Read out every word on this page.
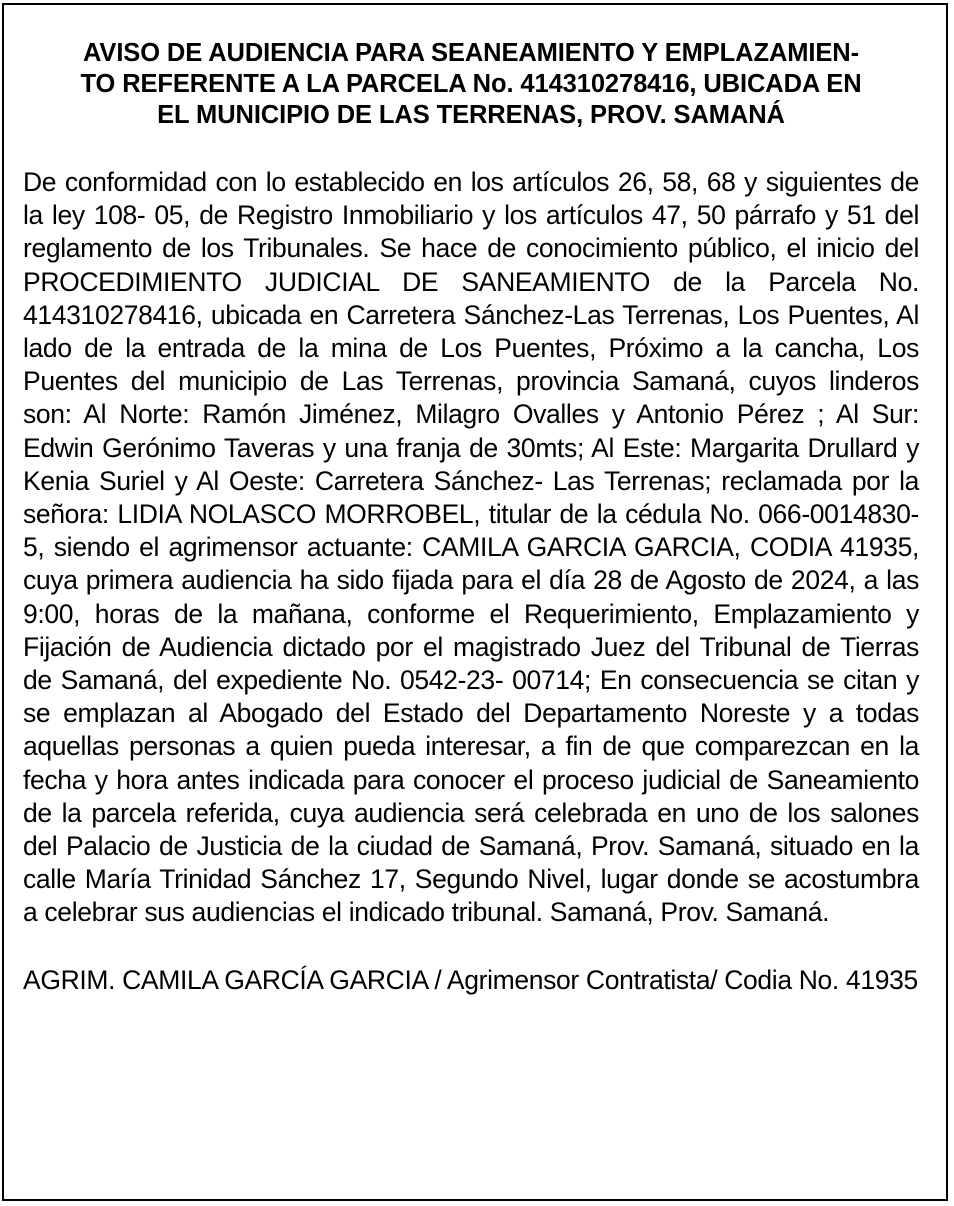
AVISO DE AUDIENCIA PARA SEANEAMIENTO Y EMPLAZAMIEN-
TO REFERENTE A LA PARCELA No. 414310278416, UBICADA EN
EL MUNICIPIO DE LAS TERRENAS, PROV. SAMANÁ

De conformidad con lo establecido en los artículos 26, 58, 68 y siguientes de la ley 108- 05, de Registro Inmobiliario y los artículos 47, 50 párrafo y 51 del reglamento de los Tribunales. Se hace de conocimiento público, el inicio del PROCEDIMIENTO JUDICIAL DE SANEAMIENTO de la Parcela No. 414310278416, ubicada en Carretera Sánchez-Las Terrenas, Los Puentes, Al lado de la entrada de la mina de Los Puentes, Próximo a la cancha, Los Puentes del municipio de Las Terrenas, provincia Samaná, cuyos linderos son: Al Norte: Ramón Jiménez, Milagro Ovalles y Antonio Pérez ; Al Sur: Edwin Gerónimo Taveras y una franja de 30mts; Al Este: Margarita Drullard y Kenia Suriel y Al Oeste: Carretera Sánchez- Las Terrenas; reclamada por la señora: LIDIA NOLASCO MORROBEL, titular de la cédula No. 066-0014830-5, siendo el agrimensor actuante: CAMILA GARCIA GARCIA, CODIA 41935, cuya primera audiencia ha sido fijada para el día 28 de Agosto de 2024, a las 9:00, horas de la mañana, conforme el Requerimiento, Emplazamiento y Fijación de Audiencia dictado por el magistrado Juez del Tribunal de Tierras de Samaná, del expediente No. 0542-23- 00714; En consecuencia se citan y se emplazan al Abogado del Estado del Departamento Noreste y a todas aquellas personas a quien pueda interesar, a fin de que comparezcan en la fecha y hora antes indicada para conocer el proceso judicial de Saneamiento de la parcela referida, cuya audiencia será celebrada en uno de los salones del Palacio de Justicia de la ciudad de Samaná, Prov. Samaná, situado en la calle María Trinidad Sánchez 17, Segundo Nivel, lugar donde se acostumbra a celebrar sus audiencias el indicado tribunal. Samaná, Prov. Samaná.

AGRIM. CAMILA GARCÍA GARCIA / Agrimensor Contratista/ Codia No. 41935
